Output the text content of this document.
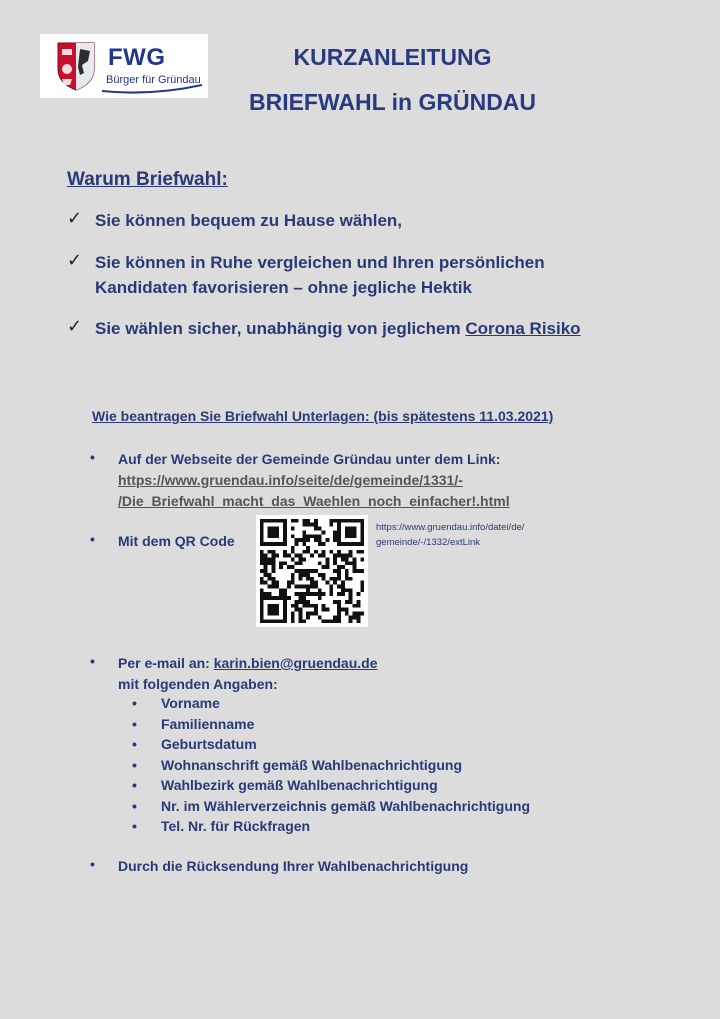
FWG
Bürger für Gründau
KURZANLEITUNG
BRIEFWAHL in GRÜNDAU
Warum Briefwahl:
✓ Sie können bequem zu Hause wählen,
✓ Sie können in Ruhe vergleichen und Ihren persönlichen Kandidaten favorisieren – ohne jegliche Hektik
✓ Sie wählen sicher, unabhängig von jeglichem Corona Risiko
Wie beantragen Sie Briefwahl Unterlagen: (bis spätestens 11.03.2021)
• Auf der Webseite der Gemeinde Gründau unter dem Link:
https://www.gruendau.info/seite/de/gemeinde/1331/-
/Die_Briefwahl_macht_das_Waehlen_noch_einfacher!.html
• Mit dem QR Code
https://www.gruendau.info/datei/de/
gemeinde/-/1332/extLink
• Per e-mail an: karin.bien@gruendau.de
mit folgenden Angaben:
• Vorname
• Familienname
• Geburtsdatum
• Wohnanschrift gemäß Wahlbenachrichtigung
• Wahlbezirk gemäß Wahlbenachrichtigung
• Nr. im Wählerverzeichnis gemäß Wahlbenachrichtigung
• Tel. Nr. für Rückfragen
• Durch die Rücksendung Ihrer Wahlbenachrichtigung
